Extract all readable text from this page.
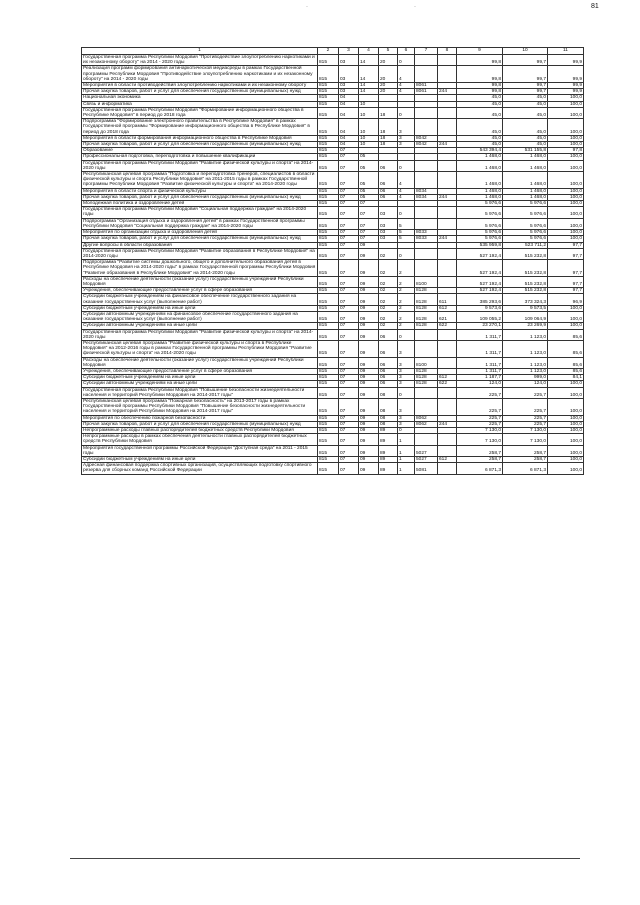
81
·	·
1	2	3	4	5	6	7	8	9	10	11
Государственная программа Республики Мордовия "Противодействие злоупотреблению наркотиками и их незаконному обороту" на 2014 - 2020 годы	815	03	14	20	0			99,8	99,7	99,9
Реализация программ формирования антинаркотической медиасреды в рамках Государственной программы Республики Мордовия "Противодействие злоупотреблению наркотиками и их незаконному обороту" на 2014 - 2020 годы	815	03	14	20	4			99,8	99,7	99,9
Мероприятия в области противодействия злоупотреблению наркотиками и их незаконному обороту	815	03	14	20	4	8061		99,8	99,7	99,9
Прочая закупка товаров, работ и услуг для обеспечения государственных (муниципальных) нужд	815	03	14	20	4	8061	244	99,8	99,7	99,9
Национальная экономика	815	04						45,0	45,0	100,0
Связь и информатика	815	04	10					45,0	45,0	100,0
Государственная программа Республики Мордовия "Формирование информационного общества в Республике Мордовия" в период до 2018 года	815	04	10	18	0			45,0	45,0	100,0
Подпрограмма "Формирование электронного правительства в Республике Мордовия" в рамках Государственной программы "Формирование информационного общества в Республике Мордовия" в период до 2018 года	815	04	10	18	3			45,0	45,0	100,0
Мероприятия в области формирования информационного общества в Республике Мордовия	815	04	10	18	3	8042		45,0	45,0	100,0
Прочая закупка товаров, работ и услуг для обеспечения государственных (муниципальных) нужд	815	04	10	18	3	8042	244	45,0	45,0	100,0
Образование	815	07						543 394,4	531 155,8	97,8
Профессиональная подготовка, переподготовка и повышение квалификации	815	07	05					1 468,0	1 468,0	100,0
Государственная программа Республики Мордовия "Развитие физической культуры и спорта" на 2014-2020 годы	815	07	05	06	0			1 468,0	1 468,0	100,0
Республиканская целевая программа "Подготовка и переподготовка тренеров, специалистов в области физической культуры и спорта Республики Мордовия" на 2011-2015 годы в рамках Государственной программы Республики Мордовия "Развитие физической культуры и спорта" на 2014-2020 годы	815	07	05	06	4			1 468,0	1 468,0	100,0
Мероприятия в области спорта и физической культуры	815	07	05	06	4	8034		1 468,0	1 468,0	100,0
Прочая закупка товаров, работ и услуг для обеспечения государственных (муниципальных) нужд	815	07	05	06	4	8034	244	1 468,0	1 468,0	100,0
Молодежная политика и оздоровление детей	815	07	07					5 976,6	5 976,6	100,0
Государственная программа Республики Мордовия "Социальная поддержка граждан" на 2014-2020 годы	815	07	07	03	0			5 976,6	5 976,6	100,0
Подпрограмма "Организация отдыха и оздоровления детей" в рамках Государственной программы Республики Мордовия "Социальная поддержка граждан" на 2014-2020 годы	815	07	07	03	5			5 976,6	5 976,6	100,0
Мероприятия по организации отдыха и оздоровления детей	815	07	07	03	5	8033		5 976,6	5 976,6	100,0
Прочая закупка товаров, работ и услуг для обеспечения государственных (муниципальных) нужд	815	07	07	03	5	8033	244	5 976,6	5 976,6	100,0
Другие вопросы в области образования	815	07	09					535 959,8	523 711,2	97,7
Государственная программа Республики Мордовия "Развитие образования в Республике Мордовия" на 2014-2020 годы	815	07	09	02	0			527 192,4	515 232,8	97,7
Подпрограмма "Развитие системы дошкольного, общего и дополнительного образования детей в Республике Мордовия на 2014-2020 годы" в рамках Государственной программы Республики Мордовия "Развитие образования в Республике Мордовия" на 2014-2020 годы	815	07	09	02	2			527 192,4	515 232,8	97,7
Расходы на обеспечение деятельности (оказание услуг) государственных учреждений Республики Мордовия	815	07	09	02	2	8100		527 192,4	515 232,8	97,7
Учреждения, обеспечивающие предоставление услуг в сфере образования	815	07	09	02	2	8128		527 192,4	515 232,8	97,7
Субсидии бюджетным учреждениям на финансовое обеспечение государственного задания на оказание государственных услуг (выполнение работ)	815	07	09	02	2	8128	611	385 293,6	373 324,3	96,9
Субсидии бюджетным учреждениям на иные цели	815	07	09	02	2	8128	612	9 573,6	9 573,5	100,0
Субсидии автономным учреждениям на финансовое обеспечение государственного задания на оказание государственных услуг (выполнение работ)	815	07	09	02	2	8128	621	109 055,2	109 064,9	100,0
Субсидии автономным учреждениям на иные цели	815	07	09	02	2	8128	622	23 270,1	23 269,9	100,0
Государственная программа Республики Мордовия "Развитие физической культуры и спорта" на 2014-2020 годы	815	07	09	06	0			1 311,7	1 123,0	85,6
Республиканская целевая программа "Развитие физической культуры и спорта в Республике Мордовия" на 2012-2016 годы в рамках Государственной программы Республики Мордовия "Развитие физической культуры и спорта" на 2014-2020 годы	815	07	09	06	3			1 311,7	1 123,0	85,6
Расходы на обеспечение деятельности (оказание услуг) государственных учреждений Республики Мордовия	815	07	09	06	3	8100		1 311,7	1 123,0	85,6
Учреждения, обеспечивающие предоставление услуг в сфере образования	815	07	09	06	3	8128		1 311,7	1 123,0	85,6
Субсидии бюджетным учреждениям на иные цели	815	07	09	06	3	8128	612	1 187,7	999,0	84,1
Субсидии автономным учреждениям на иные цели	815	07	09	06	3	8128	622	124,0	124,0	100,0
Государственная программа Республики Мордовия "Повышение безопасности жизнедеятельности населения и территорий Республики Мордовия на 2014-2017 годы"	815	07	09	08	0			225,7	225,7	100,0
Республиканская целевая программа "Пожарная безопасность" на 2013-2017 годы в рамках Государственной программы Республики Мордовия "Повышение безопасности жизнедеятельности населения и территорий Республики Мордовия на 2014-2017 годы"	815	07	09	08	3			225,7	225,7	100,0
Мероприятия по обеспечению пожарной безопасности	815	07	09	08	3	8062		225,7	225,7	100,0
Прочая закупка товаров, работ и услуг для обеспечения государственных (муниципальных) нужд	815	07	09	08	3	8062	244	225,7	225,7	100,0
Непрограммные расходы главных распорядителей бюджетных средств Республики Мордовия	815	07	09	89	0			7 130,0	7 130,0	100,0
Непрограммные расходы в рамках обеспечения деятельности главных распорядителей бюджетных средств Республики Мордовия	815	07	09	89	1			7 130,0	7 130,0	100,0
Мероприятия государственной программы Российской Федерации "Доступная среда" на 2011 - 2015 годы	815	07	09	89	1	5027		258,7	258,7	100,0
Субсидии бюджетным учреждениям на иные цели	815	07	09	89	1	5027	612	258,7	258,7	100,0
Адресная финансовая поддержка спортивных организаций, осуществляющих подготовку спортивного резерва для сборных команд Российской Федерации	815	07	09	89	1	5081		6 871,3	6 871,3	100,0
